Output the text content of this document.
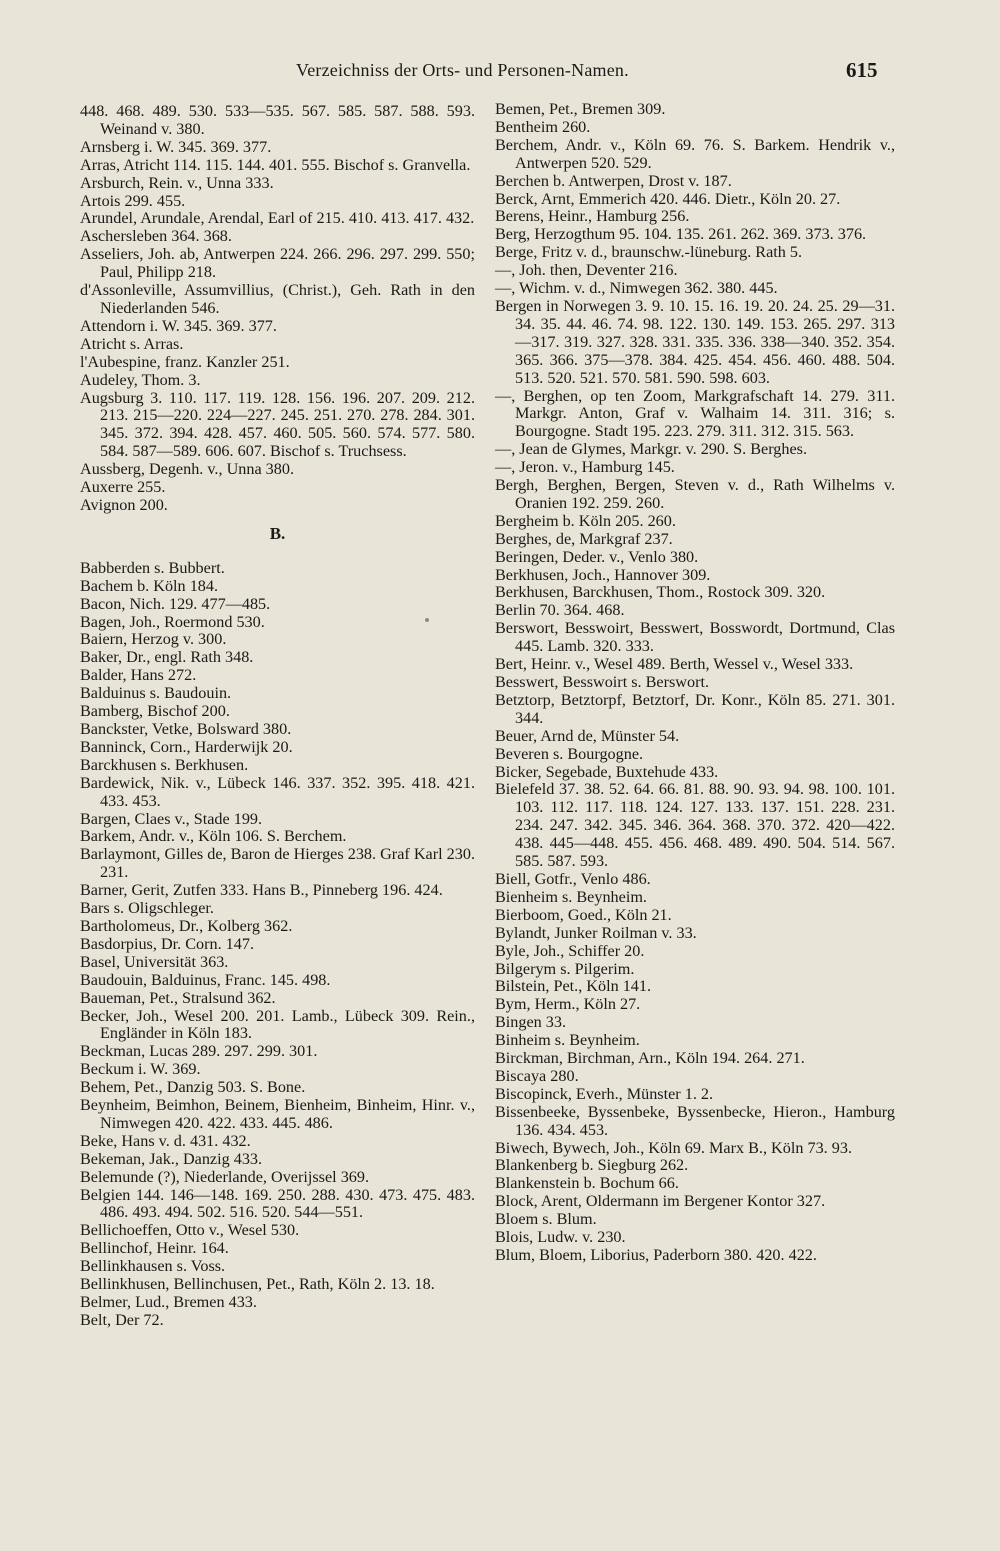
Verzeichniss der Orts- und Personen-Namen.	615
448. 468. 489. 530. 533—535. 567. 585. 587. 588. 593. Weinand v. 380.
Arnsberg i. W. 345. 369. 377.
Arras, Atricht 114. 115. 144. 401. 555. Bischof s. Granvella.
Arsburch, Rein. v., Unna 333.
Artois 299. 455.
Arundel, Arundale, Arendal, Earl of 215. 410. 413. 417. 432.
Aschersleben 364. 368.
Asseliers, Joh. ab, Antwerpen 224. 266. 296. 297. 299. 550; Paul, Philipp 218.
d'Assonleville, Assumvillius, (Christ.), Geh. Rath in den Niederlanden 546.
Attendorn i. W. 345. 369. 377.
Atricht s. Arras.
l'Aubespine, franz. Kanzler 251.
Audeley, Thom. 3.
Augsburg 3. 110. 117. 119. 128. 156. 196. 207. 209. 212. 213. 215—220. 224—227. 245. 251. 270. 278. 284. 301. 345. 372. 394. 428. 457. 460. 505. 560. 574. 577. 580. 584. 587—589. 606. 607. Bischof s. Truchsess.
Aussberg, Degenh. v., Unna 380.
Auxerre 255.
Avignon 200.
B.
Babberden s. Bubbert.
Bachem b. Köln 184.
Bacon, Nich. 129. 477—485.
Bagen, Joh., Roermond 530.
Baiern, Herzog v. 300.
Baker, Dr., engl. Rath 348.
Balder, Hans 272.
Balduinus s. Baudouin.
Bamberg, Bischof 200.
Banckster, Vetke, Bolsward 380.
Banninck, Corn., Harderwijk 20.
Barckhusen s. Berkhusen.
Bardewick, Nik. v., Lübeck 146. 337. 352. 395. 418. 421. 433. 453.
Bargen, Claes v., Stade 199.
Barkem, Andr. v., Köln 106. S. Berchem.
Barlaymont, Gilles de, Baron de Hierges 238. Graf Karl 230. 231.
Barner, Gerit, Zutfen 333. Hans B., Pinneberg 196. 424.
Bars s. Oligschleger.
Bartholomeus, Dr., Kolberg 362.
Basdorpius, Dr. Corn. 147.
Basel, Universität 363.
Baudouin, Balduinus, Franc. 145. 498.
Baueman, Pet., Stralsund 362.
Becker, Joh., Wesel 200. 201. Lamb., Lübeck 309. Rein., Engländer in Köln 183.
Beckman, Lucas 289. 297. 299. 301.
Beckum i. W. 369.
Behem, Pet., Danzig 503. S. Bone.
Beynheim, Beimhon, Beinem, Bienheim, Binheim, Hinr. v., Nimwegen 420. 422. 433. 445. 486.
Beke, Hans v. d. 431. 432.
Bekeman, Jak., Danzig 433.
Belemunde (?), Niederlande, Overijssel 369.
Belgien 144. 146—148. 169. 250. 288. 430. 473. 475. 483. 486. 493. 494. 502. 516. 520. 544—551.
Bellichoeffen, Otto v., Wesel 530.
Bellinchof, Heinr. 164.
Bellinkhausen s. Voss.
Bellinkhusen, Bellinchusen, Pet., Rath, Köln 2. 13. 18.
Belmer, Lud., Bremen 433.
Belt, Der 72.
Bemen, Pet., Bremen 309.
Bentheim 260.
Berchem, Andr. v., Köln 69. 76. S. Barkem. Hendrik v., Antwerpen 520. 529.
Berchen b. Antwerpen, Drost v. 187.
Berck, Arnt, Emmerich 420. 446. Dietr., Köln 20. 27.
Berens, Heinr., Hamburg 256.
Berg, Herzogthum 95. 104. 135. 261. 262. 369. 373. 376.
Berge, Fritz v. d., braunschw.-lüneburg. Rath 5.
—, Joh. then, Deventer 216.
—, Wichm. v. d., Nimwegen 362. 380. 445.
Bergen in Norwegen 3. 9. 10. 15. 16. 19. 20. 24. 25. 29—31. 34. 35. 44. 46. 74. 98. 122. 130. 149. 153. 265. 297. 313—317. 319. 327. 328. 331. 335. 336. 338—340. 352. 354. 365. 366. 375—378. 384. 425. 454. 456. 460. 488. 504. 513. 520. 521. 570. 581. 590. 598. 603.
—, Berghen, op ten Zoom, Markgrafschaft 14. 279. 311. Markgr. Anton, Graf v. Walhaim 14. 311. 316; s. Bourgogne. Stadt 195. 223. 279. 311. 312. 315. 563.
—, Jean de Glymes, Markgr. v. 290. S. Berghes.
—, Jeron. v., Hamburg 145.
Bergh, Berghen, Bergen, Steven v. d., Rath Wilhelms v. Oranien 192. 259. 260.
Bergheim b. Köln 205. 260.
Berghes, de, Markgraf 237.
Beringen, Deder. v., Venlo 380.
Berkhusen, Joch., Hannover 309.
Berkhusen, Barckhusen, Thom., Rostock 309. 320.
Berlin 70. 364. 468.
Berswort, Besswoirt, Besswert, Bosswordt, Dortmund, Clas 445. Lamb. 320. 333.
Bert, Heinr. v., Wesel 489. Berth, Wessel v., Wesel 333.
Besswert, Besswoirt s. Berswort.
Betztorp, Betztorpf, Betztorf, Dr. Konr., Köln 85. 271. 301. 344.
Beuer, Arnd de, Münster 54.
Beveren s. Bourgogne.
Bicker, Segebade, Buxtehude 433.
Bielefeld 37. 38. 52. 64. 66. 81. 88. 90. 93. 94. 98. 100. 101. 103. 112. 117. 118. 124. 127. 133. 137. 151. 228. 231. 234. 247. 342. 345. 346. 364. 368. 370. 372. 420—422. 438. 445—448. 455. 456. 468. 489. 490. 504. 514. 567. 585. 587. 593.
Biell, Gotfr., Venlo 486.
Bienheim s. Beynheim.
Bierboom, Goed., Köln 21.
Bylandt, Junker Roilman v. 33.
Byle, Joh., Schiffer 20.
Bilgerym s. Pilgerim.
Bilstein, Pet., Köln 141.
Bym, Herm., Köln 27.
Bingen 33.
Binheim s. Beynheim.
Birckman, Birchman, Arn., Köln 194. 264. 271.
Biscaya 280.
Biscopinck, Everh., Münster 1. 2.
Bissenbeeke, Byssenbeke, Byssenbecke, Hieron., Hamburg 136. 434. 453.
Biwech, Bywech, Joh., Köln 69. Marx B., Köln 73. 93.
Blankenberg b. Siegburg 262.
Blankenstein b. Bochum 66.
Block, Arent, Oldermann im Bergener Kontor 327.
Bloem s. Blum.
Blois, Ludw. v. 230.
Blum, Bloem, Liborius, Paderborn 380. 420. 422.
